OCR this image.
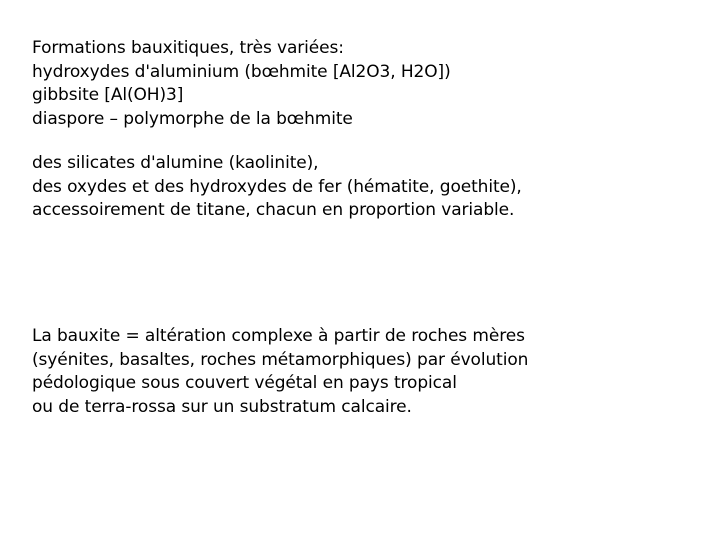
Formations bauxitiques, très variées:
hydroxydes d'aluminium (bœhmite [Al2O3, H2O])
gibbsite [Al(OH)3]
diaspore – polymorphe de la bœhmite
des silicates d'alumine (kaolinite),
des oxydes et des hydroxydes de fer (hématite, goethite),
accessoirement de titane, chacun en proportion variable.
La bauxite = altération complexe à partir de roches mères
(syénites, basaltes, roches métamorphiques) par évolution
pédologique sous couvert végétal en pays tropical
ou de terra-rossa sur un substratum calcaire.
